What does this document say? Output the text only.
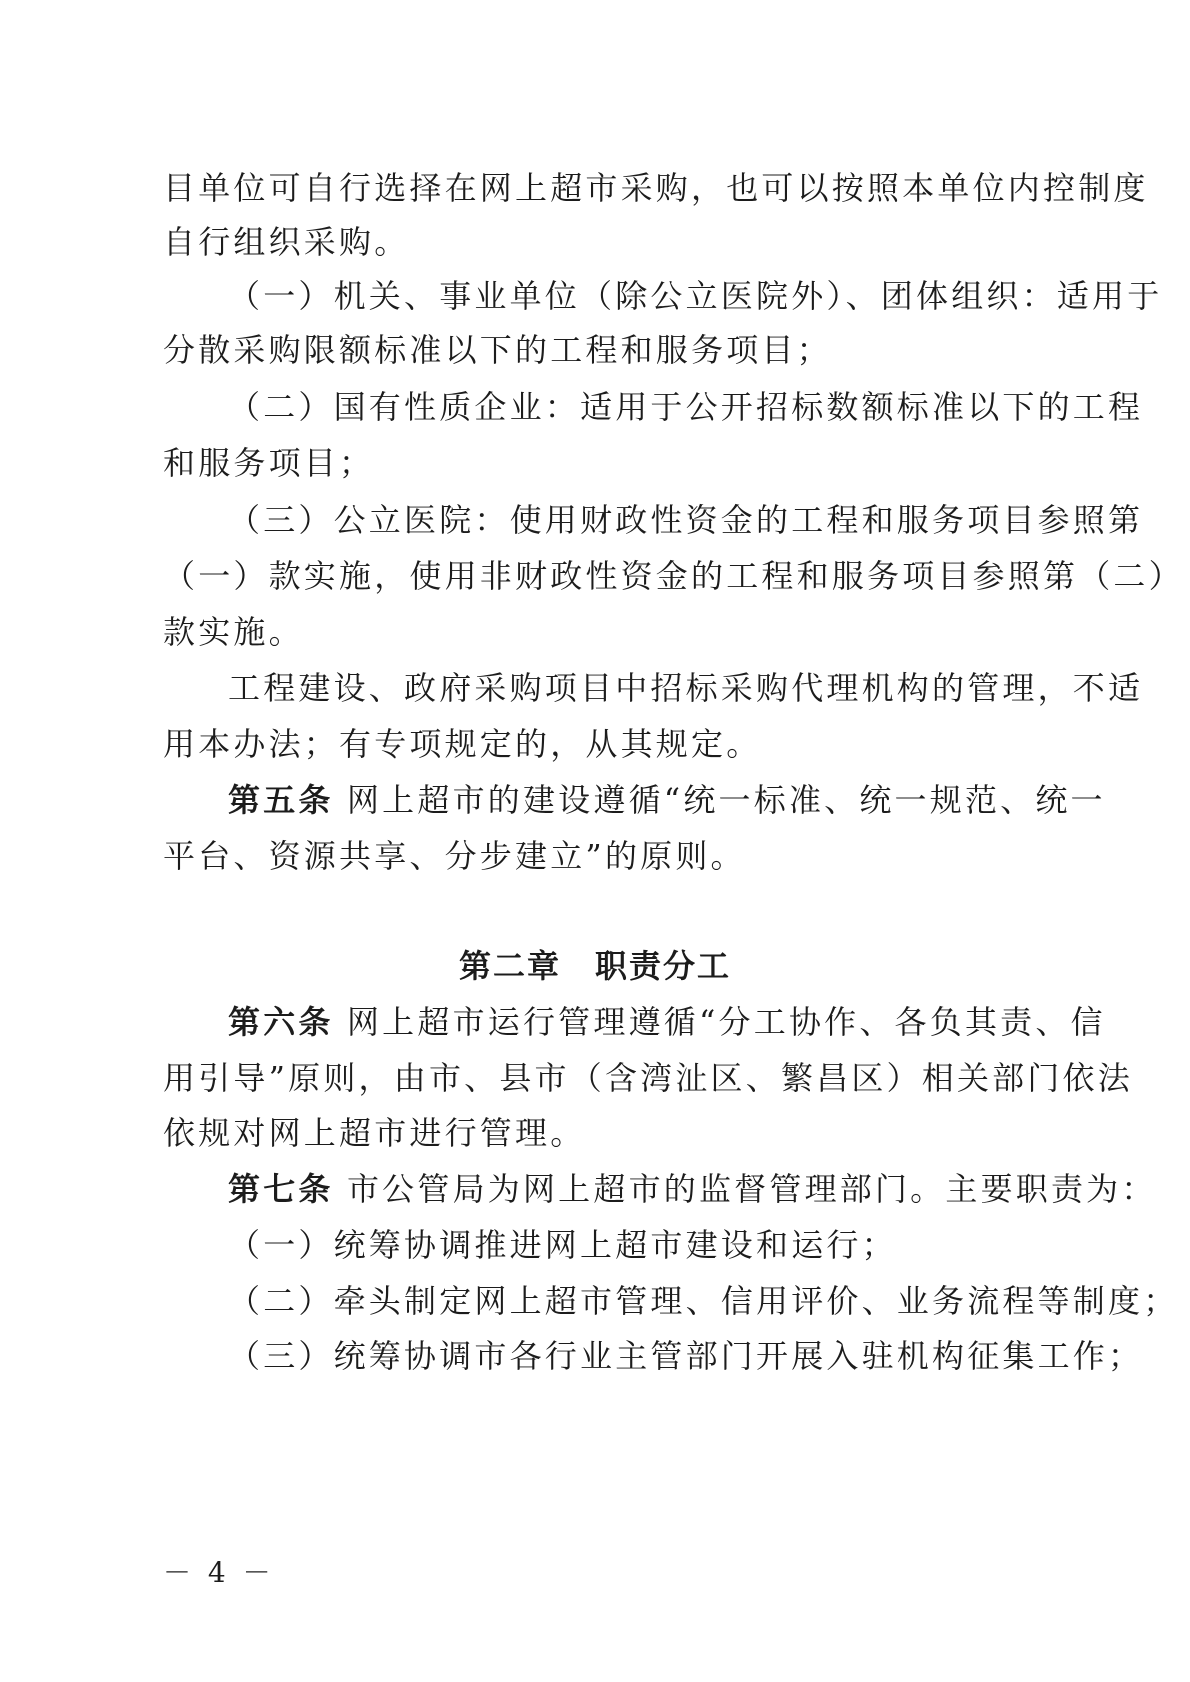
目单位可自行选择在网上超市采购，也可以按照本单位内控制度
自行组织采购。
（一）机关、事业单位（除公立医院外）、团体组织：适用于
分散采购限额标准以下的工程和服务项目；
（二）国有性质企业：适用于公开招标数额标准以下的工程
和服务项目；
（三）公立医院：使用财政性资金的工程和服务项目参照第
（一）款实施，使用非财政性资金的工程和服务项目参照第（二）
款实施。
工程建设、政府采购项目中招标采购代理机构的管理，不适
用本办法；有专项规定的，从其规定。
第五条 网上超市的建设遵循“统一标准、统一规范、统一
平台、资源共享、分步建立”的原则。
第二章　职责分工
第六条 网上超市运行管理遵循“分工协作、各负其责、信
用引导”原则，由市、县市（含湾沚区、繁昌区）相关部门依法
依规对网上超市进行管理。
第七条 市公管局为网上超市的监督管理部门。主要职责为：
（一）统筹协调推进网上超市建设和运行；
（二）牵头制定网上超市管理、信用评价、业务流程等制度；
（三）统筹协调市各行业主管部门开展入驻机构征集工作；
－ 4 －
